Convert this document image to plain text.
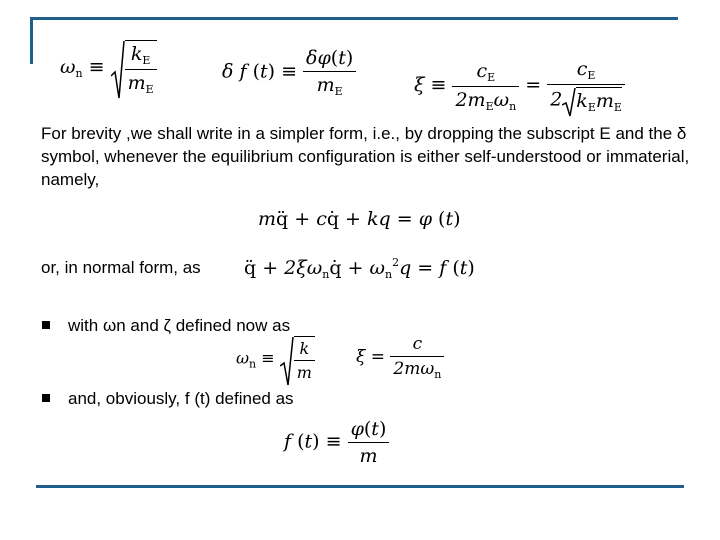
$\omega_n \equiv \frac{k_E}{m_E}$	δ f $(t) \equiv \frac{\delta\varphi(t)}{m_E}$	$\xi \equiv \frac{c_E}{2m_E\omega_n} = \frac{c_E}{2 k_Em_E}$
For brevity ,we shall write in a simpler form, i.e., by dropping the subscript E and the δ symbol, whenever the equilibrium configuration is either self-understood or immaterial, namely,
mq̈ + cq̇ + kq = φ (t)
or, in normal form, as q̈ + $2\xi\omega_nq̇ + \omega_n^2q = f$ (t)
with ωn and ζ defined now as
$\omega_n \equiv \frac{k}{m}$ $\xi = \frac{c}{2m\omega_n}$
and, obviously, f (t) defined as
f $(t) \equiv \frac{\varphi(t)}{m}$
